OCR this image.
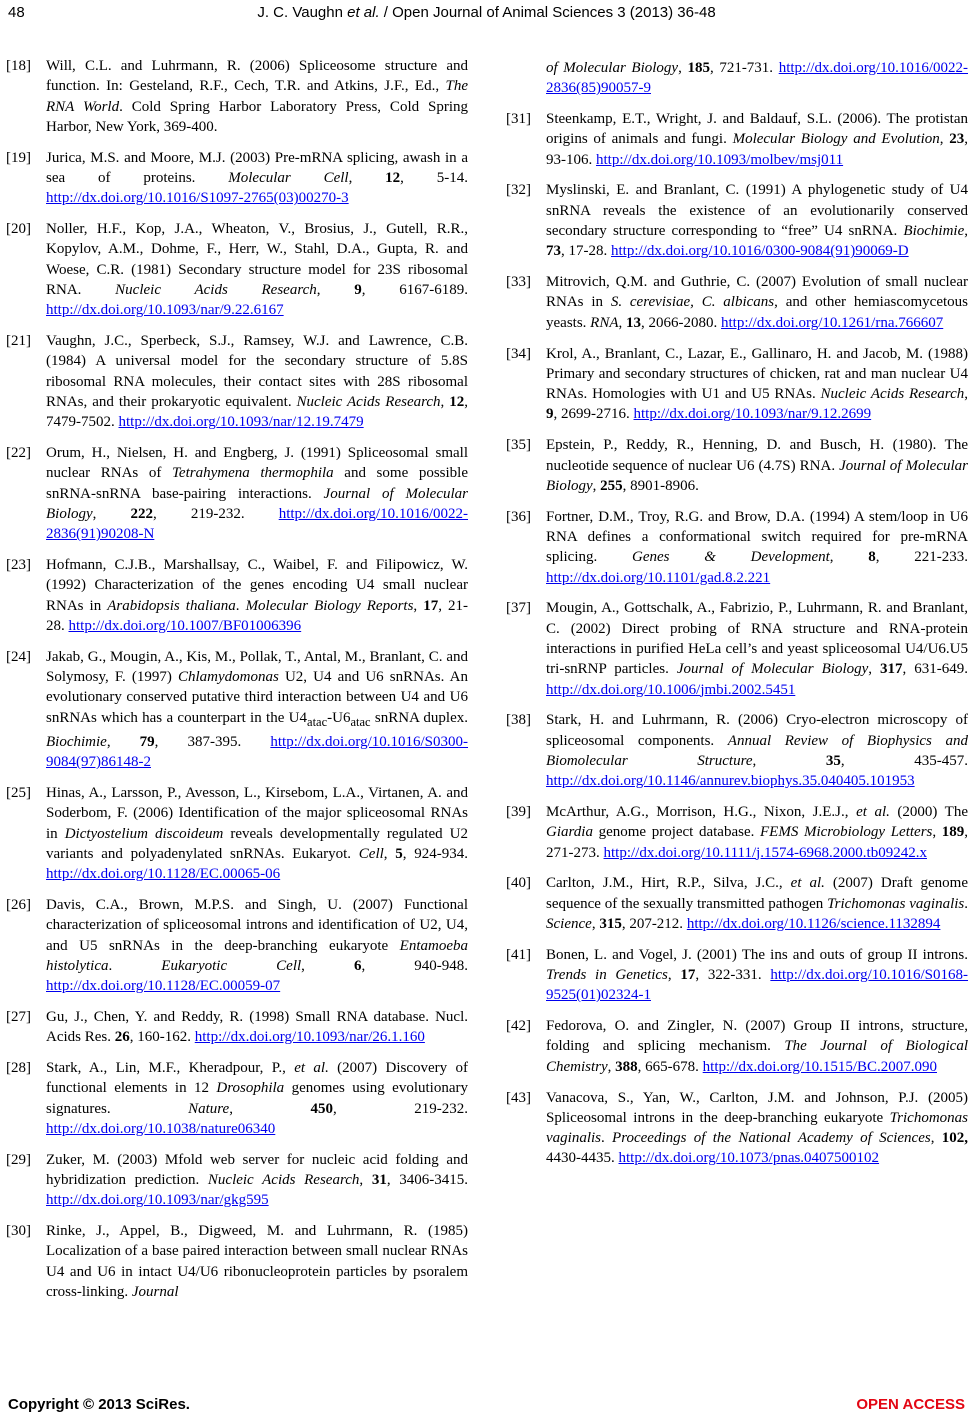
48	J. C. Vaughn et al. / Open Journal of Animal Sciences 3 (2013) 36-48
[18]	Will, C.L. and Luhrmann, R. (2006) Spliceosome structure and function. In: Gesteland, R.F., Cech, T.R. and Atkins, J.F., Ed., The RNA World. Cold Spring Harbor Laboratory Press, Cold Spring Harbor, New York, 369-400.
[19]	Jurica, M.S. and Moore, M.J. (2003) Pre-mRNA splicing, awash in a sea of proteins. Molecular Cell, 12, 5-14. http://dx.doi.org/10.1016/S1097-2765(03)00270-3
[20]	Noller, H.F., Kop, J.A., Wheaton, V., Brosius, J., Gutell, R.R., Kopylov, A.M., Dohme, F., Herr, W., Stahl, D.A., Gupta, R. and Woese, C.R. (1981) Secondary structure model for 23S ribosomal RNA. Nucleic Acids Research, 9, 6167-6189. http://dx.doi.org/10.1093/nar/9.22.6167
[21]	Vaughn, J.C., Sperbeck, S.J., Ramsey, W.J. and Lawrence, C.B. (1984) A universal model for the secondary structure of 5.8S ribosomal RNA molecules, their contact sites with 28S ribosomal RNAs, and their prokaryotic equivalent. Nucleic Acids Research, 12, 7479-7502. http://dx.doi.org/10.1093/nar/12.19.7479
[22]	Orum, H., Nielsen, H. and Engberg, J. (1991) Spliceosomal small nuclear RNAs of Tetrahymena thermophila and some possible snRNA-snRNA base-pairing interactions. Journal of Molecular Biology, 222, 219-232. http://dx.doi.org/10.1016/0022-2836(91)90208-N
[23]	Hofmann, C.J.B., Marshallsay, C., Waibel, F. and Filipowicz, W. (1992) Characterization of the genes encoding U4 small nuclear RNAs in Arabidopsis thaliana. Molecular Biology Reports, 17, 21-28. http://dx.doi.org/10.1007/BF01006396
[24]	Jakab, G., Mougin, A., Kis, M., Pollak, T., Antal, M., Branlant, C. and Solymosy, F. (1997) Chlamydomonas U2, U4 and U6 snRNAs. An evolutionary conserved putative third interaction between U4 and U6 snRNAs which has a counterpart in the $U4_{atac}-U6_{atac}$ snRNA duplex. Biochimie, 79, 387-395. http://dx.doi.org/10.1016/S0300-9084(97)86148-2
[25]	Hinas, A., Larsson, P., Avesson, L., Kirsebom, L.A., Virtanen, A. and Soderbom, F. (2006) Identification of the major spliceosomal RNAs in Dictyostelium discoideum reveals developmentally regulated U2 variants and polyadenylated snRNAs. Eukaryot. Cell, 5, 924-934. http://dx.doi.org/10.1128/EC.00065-06
[26]	Davis, C.A., Brown, M.P.S. and Singh, U. (2007) Functional characterization of spliceosomal introns and identification of U2, U4, and U5 snRNAs in the deep-branching eukaryote Entamoeba histolytica. Eukaryotic Cell, 6, 940-948. http://dx.doi.org/10.1128/EC.00059-07
[27]	Gu, J., Chen, Y. and Reddy, R. (1998) Small RNA database. Nucl. Acids Res. 26, 160-162. http://dx.doi.org/10.1093/nar/26.1.160
[28]	Stark, A., Lin, M.F., Kheradpour, P., et al. (2007) Discovery of functional elements in 12 Drosophila genomes using evolutionary signatures. Nature, 450, 219-232. http://dx.doi.org/10.1038/nature06340
[29]	Zuker, M. (2003) Mfold web server for nucleic acid folding and hybridization prediction. Nucleic Acids Research, 31, 3406-3415. http://dx.doi.org/10.1093/nar/gkg595
[30]	Rinke, J., Appel, B., Digweed, M. and Luhrmann, R. (1985) Localization of a base paired interaction between small nuclear RNAs U4 and U6 in intact U4/U6 ribonucleoprotein particles by psoralem cross-linking. Journal
of Molecular Biology, 185, 721-731. http://dx.doi.org/10.1016/0022-2836(85)90057-9
[31]	Steenkamp, E.T., Wright, J. and Baldauf, S.L. (2006). The protistan origins of animals and fungi. Molecular Biology and Evolution, 23, 93-106. http://dx.doi.org/10.1093/molbev/msj011
[32]	Myslinski, E. and Branlant, C. (1991) A phylogenetic study of U4 snRNA reveals the existence of an evolutionarily conserved secondary structure corresponding to “free” U4 snRNA. Biochimie, 73, 17-28. http://dx.doi.org/10.1016/0300-9084(91)90069-D
[33]	Mitrovich, Q.M. and Guthrie, C. (2007) Evolution of small nuclear RNAs in S. cerevisiae, C. albicans, and other hemiascomycetous yeasts. RNA, 13, 2066-2080. http://dx.doi.org/10.1261/rna.766607
[34]	Krol, A., Branlant, C., Lazar, E., Gallinaro, H. and Jacob, M. (1988) Primary and secondary structures of chicken, rat and man nuclear U4 RNAs. Homologies with U1 and U5 RNAs. Nucleic Acids Research, 9, 2699-2716. http://dx.doi.org/10.1093/nar/9.12.2699
[35]	Epstein, P., Reddy, R., Henning, D. and Busch, H. (1980). The nucleotide sequence of nuclear U6 (4.7S) RNA. Journal of Molecular Biology, 255, 8901-8906.
[36]	Fortner, D.M., Troy, R.G. and Brow, D.A. (1994) A stem/loop in U6 RNA defines a conformational switch required for pre-mRNA splicing. Genes & Development, 8, 221-233. http://dx.doi.org/10.1101/gad.8.2.221
[37]	Mougin, A., Gottschalk, A., Fabrizio, P., Luhrmann, R. and Branlant, C. (2002) Direct probing of RNA structure and RNA-protein interactions in purified HeLa cell’s and yeast spliceosomal U4/U6.U5 tri-snRNP particles. Journal of Molecular Biology, 317, 631-649. http://dx.doi.org/10.1006/jmbi.2002.5451
[38]	Stark, H. and Luhrmann, R. (2006) Cryo-electron microscopy of spliceosomal components. Annual Review of Biophysics and Biomolecular Structure, 35, 435-457. http://dx.doi.org/10.1146/annurev.biophys.35.040405.101953
[39]	McArthur, A.G., Morrison, H.G., Nixon, J.E.J., et al. (2000) The Giardia genome project database. FEMS Microbiology Letters, 189, 271-273. http://dx.doi.org/10.1111/j.1574-6968.2000.tb09242.x
[40]	Carlton, J.M., Hirt, R.P., Silva, J.C., et al. (2007) Draft genome sequence of the sexually transmitted pathogen Trichomonas vaginalis. Science, 315, 207-212. http://dx.doi.org/10.1126/science.1132894
[41]	Bonen, L. and Vogel, J. (2001) The ins and outs of group II introns. Trends in Genetics, 17, 322-331. http://dx.doi.org/10.1016/S0168-9525(01)02324-1
[42]	Fedorova, O. and Zingler, N. (2007) Group II introns, structure, folding and splicing mechanism. The Journal of Biological Chemistry, 388, 665-678. http://dx.doi.org/10.1515/BC.2007.090
[43]	Vanacova, S., Yan, W., Carlton, J.M. and Johnson, P.J. (2005) Spliceosomal introns in the deep-branching eukaryote Trichomonas vaginalis. Proceedings of the National Academy of Sciences, 102, 4430-4435. http://dx.doi.org/10.1073/pnas.0407500102
Copyright © 2013 SciRes.	OPEN ACCESS
